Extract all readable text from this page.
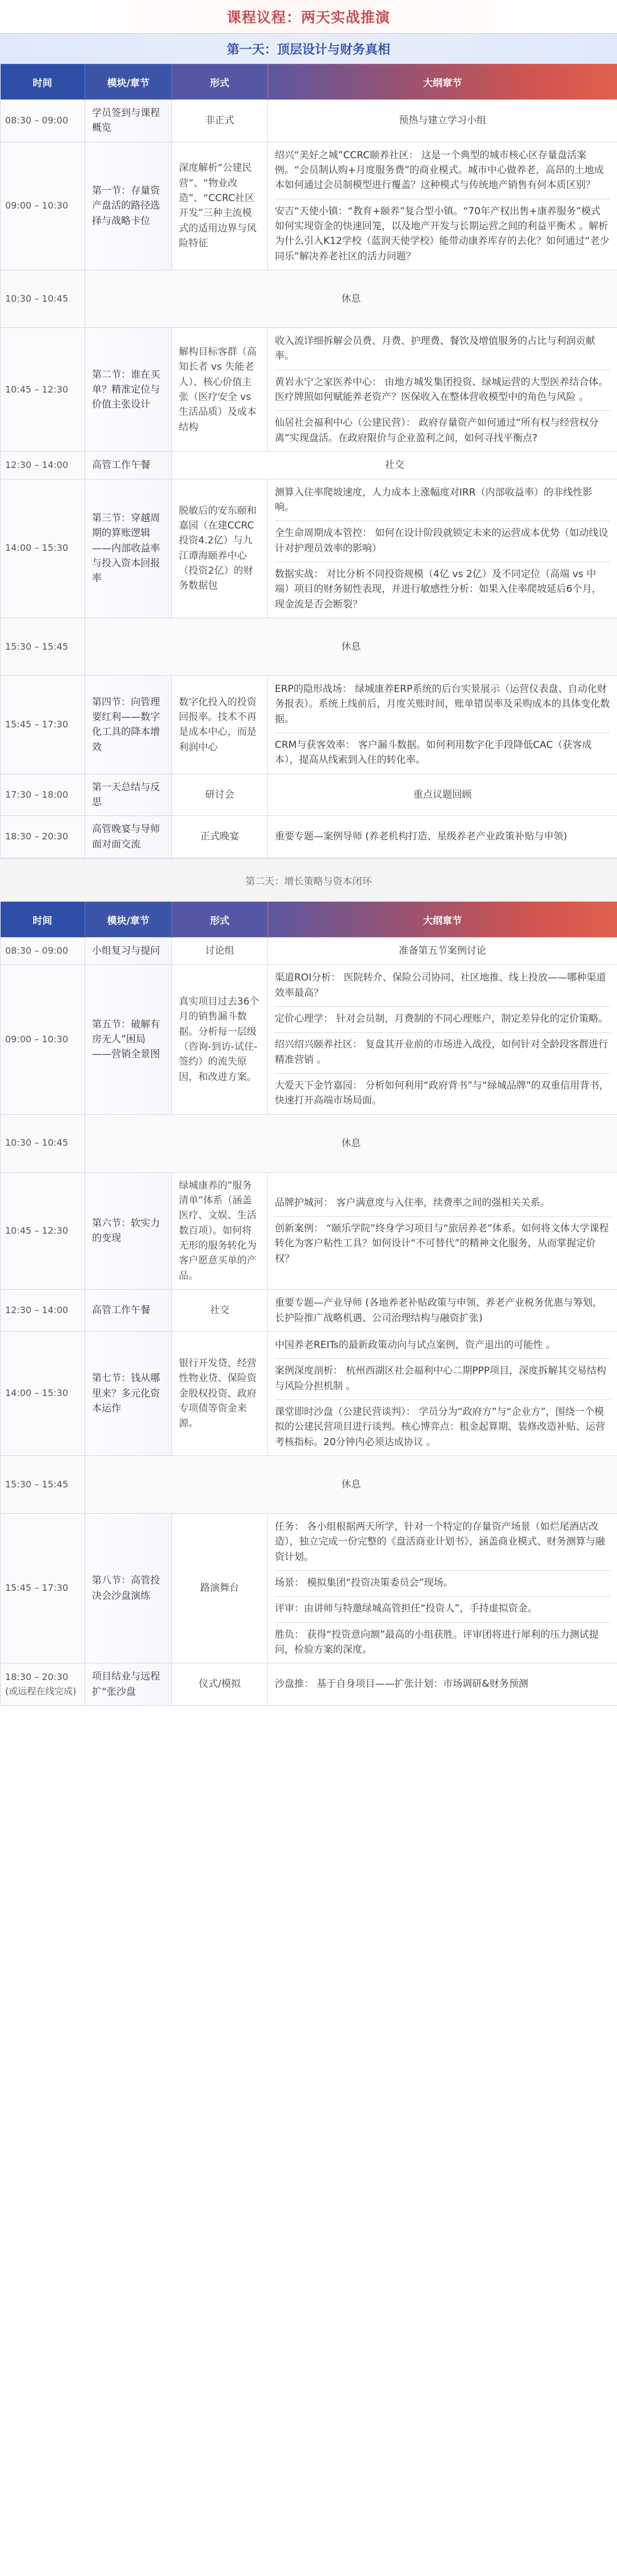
课程议程：两天实战推演
第一天：顶层设计与财务真相
时间	模块/章节	形式	大纲章节
08:30 – 09:00	学员签到与课程概览	非正式	预热与建立学习小组

09:00 – 10:30	第一节：存量资产盘活的路径选择与战略卡位	深度解析“公建民营”、“物业改造”、“CCRC社区开发”三种主流模式的适用边界与风险特征	绍兴“美好之城”CCRC颐养社区： 这是一个典型的城市核心区存量盘活案例。“会员制认购+月度服务费”的商业模式。城市中心做养老，高昂的土地成本如何通过会员制模型进行覆盖？这种模式与传统地产销售有何本质区别？
安吉“天使小镇：“教育+颐养”复合型小镇。“70年产权出售+康养服务”模式如何实现资金的快速回笼，以及地产开发与长期运营之间的利益平衡术 。解析为什么引入K12学校（蓝润天使学校）能带动康养库存的去化？如何通过“老少同乐”解决养老社区的活力问题？

10:30 – 10:45	休息		
10:45 – 12:30	第二节：谁在买单？精准定位与价值主张设计	解构目标客群（高知长者 vs 失能老人）、核心价值主张（医疗安全 vs 生活品质）及成本结构	收入流详细拆解会员费、月费、护理费、餐饮及增值服务的占比与利润贡献率。
黄岩永宁之家医养中心： 由地方城发集团投资、绿城运营的大型医养结合体。医疗牌照如何赋能养老资产？医保收入在整体营收模型中的角色与风险 。
仙居社会福利中心（公建民营）： 政府存量资产如何通过“所有权与经营权分离”实现盘活。在政府限价与企业盈利之间，如何寻找平衡点?

12:30 – 14:00	高管工作午餐	社交	
14:00 – 15:30	第三节：穿越周期的算账逻辑——内部收益率与投入资本回报率	脱敏后的安东颐和嘉园（在建CCRC投资4.2亿）与九江谭海颐养中心（投资2亿）的财务数据包	测算入住率爬坡速度，人力成本上涨幅度对IRR（内部收益率）的非线性影响。
全生命周期成本管控： 如何在设计阶段就锁定未来的运营成本优势（如动线设计对护理员效率的影响）
数据实战： 对比分析不同投资规模（4亿 vs 2亿）及不同定位（高端 vs 中端）项目的财务韧性表现，并进行敏感性分析：如果入住率爬坡延后6个月，现金流是否会断裂？

15:30 – 15:45	休息		
15:45 – 17:30	第四节：向管理要红利——数字化工具的降本增效	数字化投入的投资回报率。技术不再是成本中心，而是利润中心	ERP的隐形战场： 绿城康养ERP系统的后台实景展示（运营仪表盘、自动化财务报表）。系统上线前后，月度关账时间，账单错误率及采购成本的具体变化数据。
CRM与获客效率： 客户漏斗数据。如何利用数字化手段降低CAC（获客成本），提高从线索到入住的转化率。

17:30 – 18:00	第一天总结与反思	研讨会	重点议题回顾

18:30 – 20:30	高管晚宴与导师面对面交流	正式晚宴	重要专题—案例导师 (养老机构打造、星级养老产业政策补贴与申领)
第二天：增长策略与资本闭环
时间	模块/章节	形式	大纲章节
08:30 – 09:00	小组复习与提问	讨论组	准备第五节案例讨论

09:00 – 10:30	第五节：破解有房无人”困局——营销全景图	真实项目过去36个月的销售漏斗数据。分析每一层级（咨询-到访-试住-签约）的流失原因，和改进方案。	渠道ROI分析： 医院转介、保险公司协同、社区地推、线上投放——哪种渠道效率最高？
定价心理学： 针对会员制，月费制的不同心理账户，制定差异化的定价策略。
绍兴绍兴颐养社区： 复盘其开业前的市场进入战役，如何针对全龄段客群进行精准营销 。
大爱天下金竹嘉园： 分析如何利用“政府背书”与“绿城品牌”的双重信用背书，快速打开高端市场局面。

10:30 – 10:45	休息		
10:45 – 12:30	第六节：软实力的变现	绿城康养的”服务清单”体系（涵盖医疗、文娱、生活数百项）。如何将无形的服务转化为客户愿意买单的产品。	品牌护城河： 客户满意度与入住率，续费率之间的强相关关系。
创新案例： “颐乐学院”终身学习项目与“旅居养老”体系。如何将文体大学课程转化为客户粘性工具？如何设计“不可替代”的精神文化服务，从而掌握定价权？

12:30 – 14:00	高管工作午餐	社交	重要专题—产业导师 (各地养老补贴政策与申领、养老产业税务优惠与筹划，长护险推广战略机遇、公司治理结构与融资扩张)

14:00 – 15:30	第七节：钱从哪里来？多元化资本运作	银行开发贷、经营性物业贷、保险资金股权投资、政府专项债等资金来源。	中国养老REITs的最新政策动向与试点案例，资产退出的可能性 。
案例深度剖析： 杭州西湖区社会福利中心二期PPP项目，深度拆解其交易结构与风险分担机制 。
课堂即时沙盘（公建民营谈判）： 学员分为“政府方”与“企业方”，围绕一个模拟的公建民营项目进行谈判。核心博弈点：租金起算期、装修改造补贴、运营考核指标。20分钟内必须达成协议 。

15:30 – 15:45	休息		
15:45 – 17:30	第八节：高管投决会沙盘演练	路演舞台	任务： 各小组根据两天所学，针对一个特定的存量资产场景（如烂尾酒店改造），独立完成一份完整的《盘活商业计划书》，涵盖商业模式、财务测算与融资计划。
场景： 模拟集团“投资决策委员会”现场。
评审：由讲师与特邀绿城高管担任“投资人”，手持虚拟资金。
胜负： 获得“投资意向额”最高的小组获胜。评审团将进行犀利的压力测试提问，检验方案的深度。

18:30 – 20:30 (或远程在线完成)	项目结业与远程扩“张沙盘	仪式/模拟	沙盘推： 基于自身项目——扩张计划：市场调研&财务预测
